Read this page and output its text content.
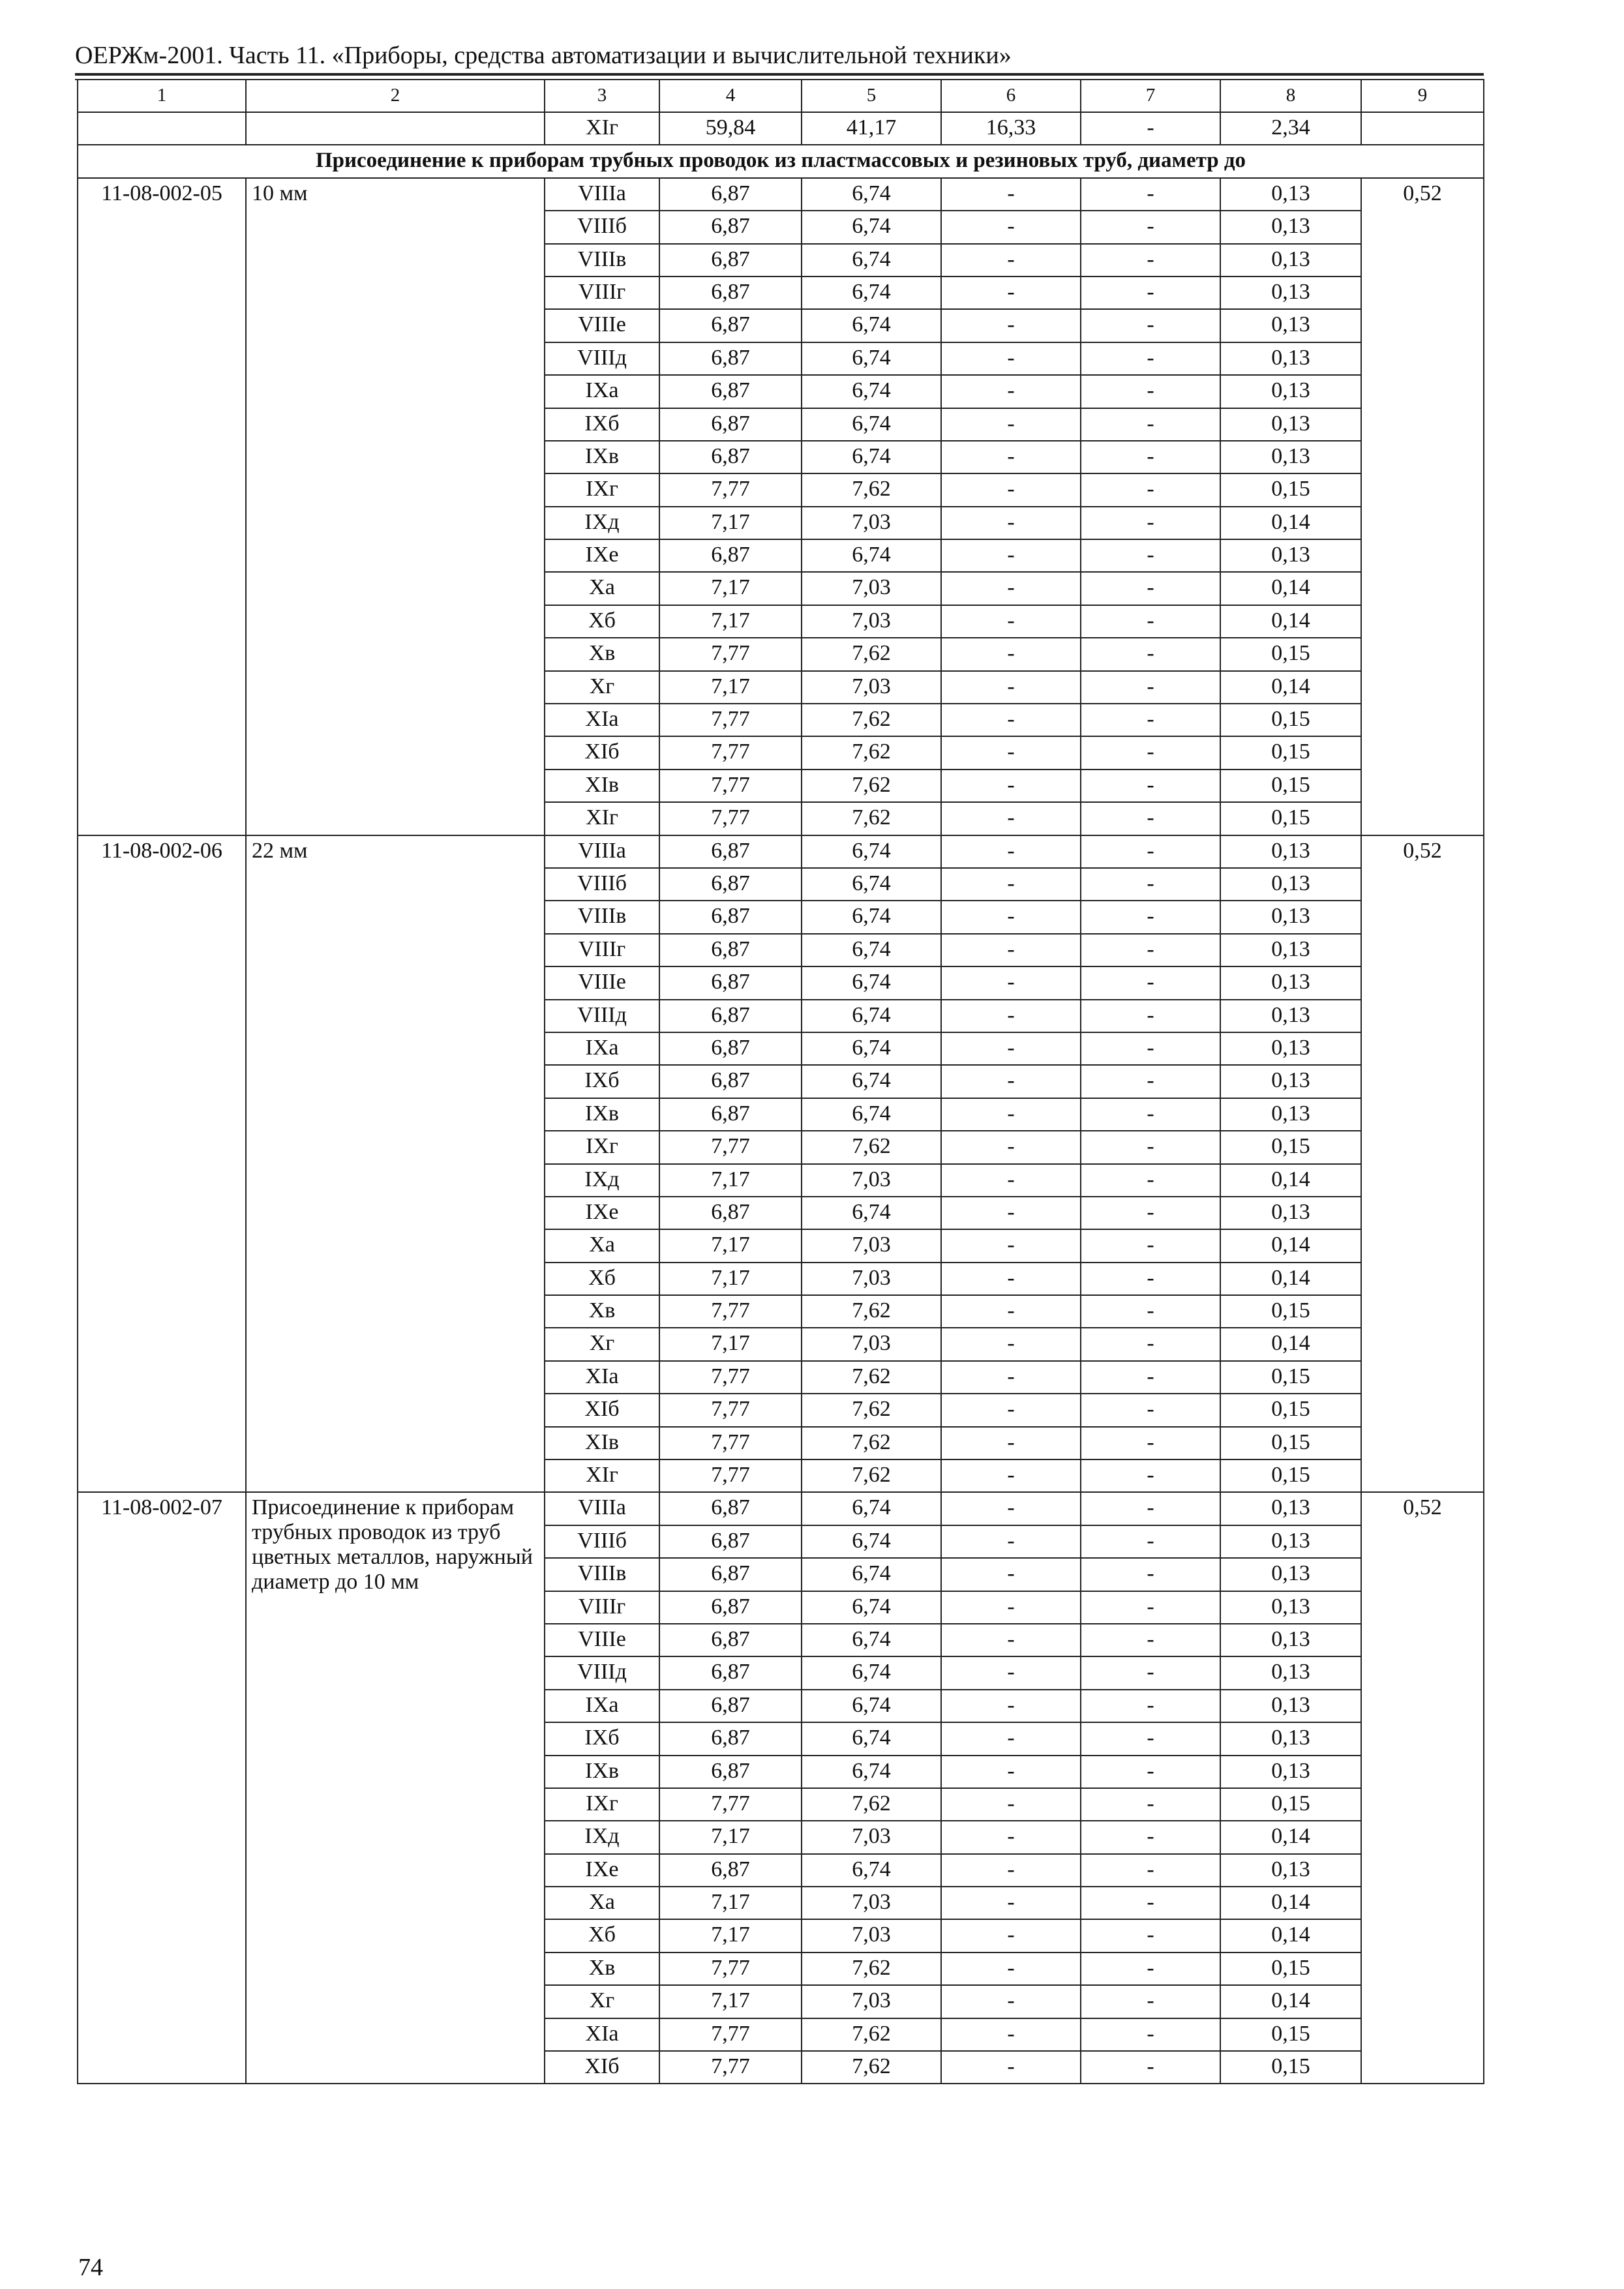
ОЕРЖм-2001. Часть 11. «Приборы, средства автоматизации и вычислительной техники»
1	2	3	4	5	6	7	8	9
		XIг	59,84	41,17	16,33	-	2,34	
Присоединение к приборам трубных проводок из пластмассовых и резиновых труб, диаметр до								
11-08-002-05	10 мм	VIIIa	6,87	6,74	-	-	0,13	0,52
		VIIIб	6,87	6,74	-	-	0,13	
		VIIIв	6,87	6,74	-	-	0,13	
		VIIIг	6,87	6,74	-	-	0,13	
		VIIIe	6,87	6,74	-	-	0,13	
		VIIIд	6,87	6,74	-	-	0,13	
		IXa	6,87	6,74	-	-	0,13	
		IXб	6,87	6,74	-	-	0,13	
		IXв	6,87	6,74	-	-	0,13	
		IXг	7,77	7,62	-	-	0,15	
		IXд	7,17	7,03	-	-	0,14	
		IXe	6,87	6,74	-	-	0,13	
		Xa	7,17	7,03	-	-	0,14	
		Xб	7,17	7,03	-	-	0,14	
		Xв	7,77	7,62	-	-	0,15	
		Xг	7,17	7,03	-	-	0,14	
		XIa	7,77	7,62	-	-	0,15	
		XIб	7,77	7,62	-	-	0,15	
		XIв	7,77	7,62	-	-	0,15	
		XIг	7,77	7,62	-	-	0,15	
11-08-002-06	22 мм	VIIIa	6,87	6,74	-	-	0,13	0,52
		VIIIб	6,87	6,74	-	-	0,13	
		VIIIв	6,87	6,74	-	-	0,13	
		VIIIг	6,87	6,74	-	-	0,13	
		VIIIe	6,87	6,74	-	-	0,13	
		VIIIд	6,87	6,74	-	-	0,13	
		IXa	6,87	6,74	-	-	0,13	
		IXб	6,87	6,74	-	-	0,13	
		IXв	6,87	6,74	-	-	0,13	
		IXг	7,77	7,62	-	-	0,15	
		IXд	7,17	7,03	-	-	0,14	
		IXe	6,87	6,74	-	-	0,13	
		Xa	7,17	7,03	-	-	0,14	
		Xб	7,17	7,03	-	-	0,14	
		Xв	7,77	7,62	-	-	0,15	
		Xг	7,17	7,03	-	-	0,14	
		XIa	7,77	7,62	-	-	0,15	
		XIб	7,77	7,62	-	-	0,15	
		XIв	7,77	7,62	-	-	0,15	
		XIг	7,77	7,62	-	-	0,15	
11-08-002-07	Присоединение к приборам трубных проводок из труб цветных металлов, наружный диаметр до 10 мм	VIIIa	6,87	6,74	-	-	0,13	0,52
		VIIIб	6,87	6,74	-	-	0,13	
		VIIIв	6,87	6,74	-	-	0,13	
		VIIIг	6,87	6,74	-	-	0,13	
		VIIIe	6,87	6,74	-	-	0,13	
		VIIIд	6,87	6,74	-	-	0,13	
		IXa	6,87	6,74	-	-	0,13	
		IXб	6,87	6,74	-	-	0,13	
		IXв	6,87	6,74	-	-	0,13	
		IXг	7,77	7,62	-	-	0,15	
		IXд	7,17	7,03	-	-	0,14	
		IXe	6,87	6,74	-	-	0,13	
		Xa	7,17	7,03	-	-	0,14	
		Xб	7,17	7,03	-	-	0,14	
		Xв	7,77	7,62	-	-	0,15	
		Xг	7,17	7,03	-	-	0,14	
		XIa	7,77	7,62	-	-	0,15	
		XIб	7,77	7,62	-	-	0,15	
74
